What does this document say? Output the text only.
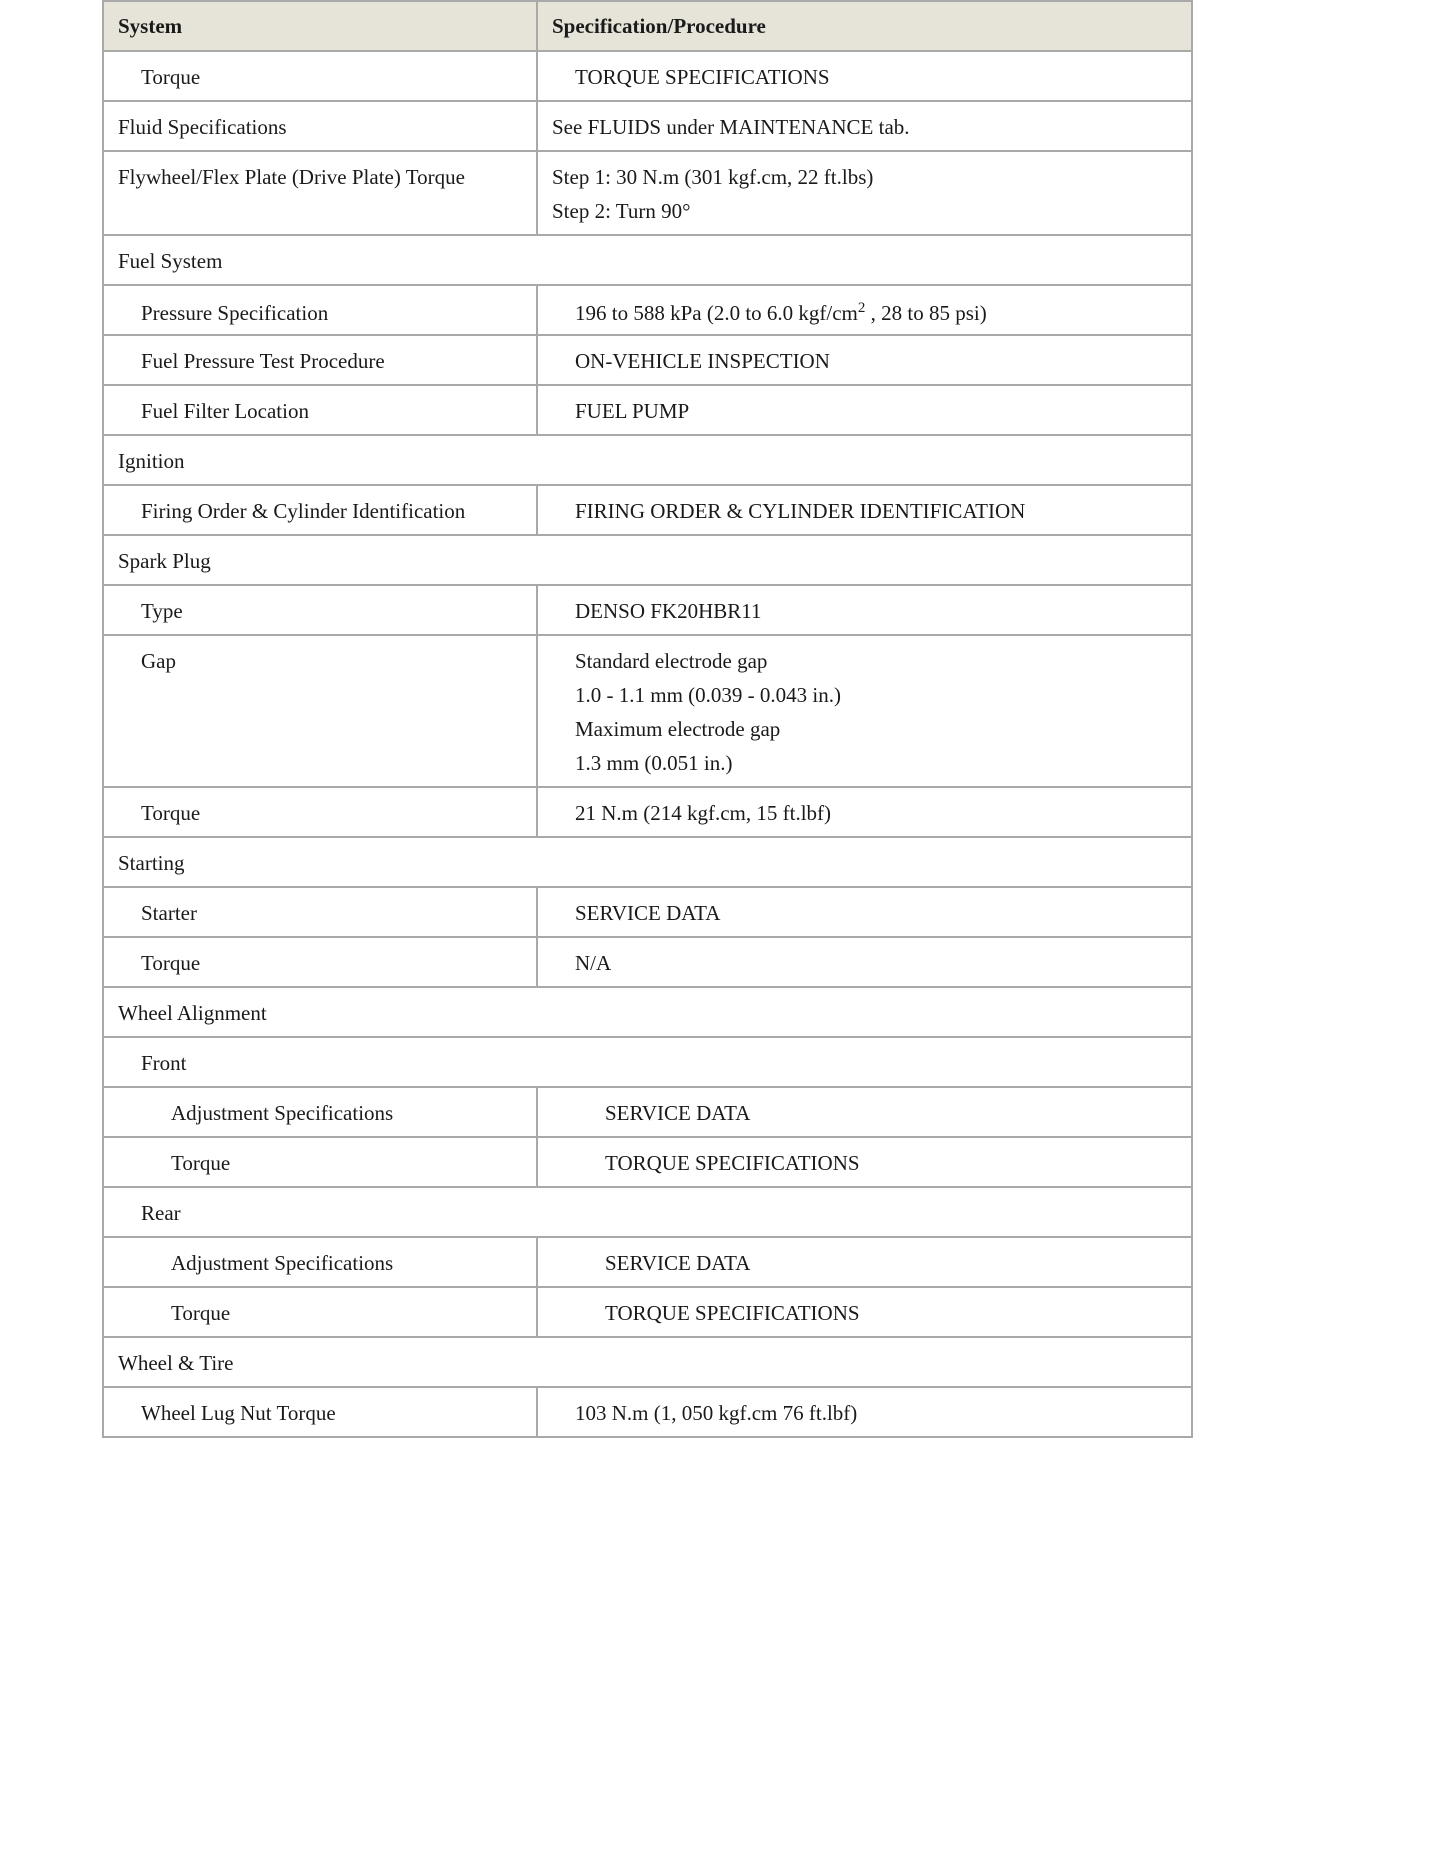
System	Specification/Procedure
Torque	TORQUE SPECIFICATIONS

Fluid Specifications	See FLUIDS under MAINTENANCE tab.

Flywheel/Flex Plate (Drive Plate) Torque	Step 1: 30 N.m (301 kgf.cm, 22 ft.lbs)
Step 2: Turn 90°

Fuel System	
Pressure Specification	196 to 588 kPa (2.0 to 6.0 kgf/$cm^2$ , 28 to 85 psi)

Fuel Pressure Test Procedure	ON-VEHICLE INSPECTION

Fuel Filter Location	FUEL PUMP

Ignition	
Firing Order & Cylinder Identification	FIRING ORDER & CYLINDER IDENTIFICATION

Spark Plug	
Type	DENSO FK20HBR11

Gap	Standard electrode gap
1.0 - 1.1 mm (0.039 - 0.043 in.)
Maximum electrode gap
1.3 mm (0.051 in.)

Torque	21 N.m (214 kgf.cm, 15 ft.lbf)

Starting	
Starter	SERVICE DATA

Torque	N/A

Wheel Alignment	
Front	
Adjustment Specifications	SERVICE DATA

Torque	TORQUE SPECIFICATIONS

Rear	
Adjustment Specifications	SERVICE DATA

Torque	TORQUE SPECIFICATIONS

Wheel & Tire	
Wheel Lug Nut Torque	103 N.m (1, 050 kgf.cm 76 ft.lbf)
